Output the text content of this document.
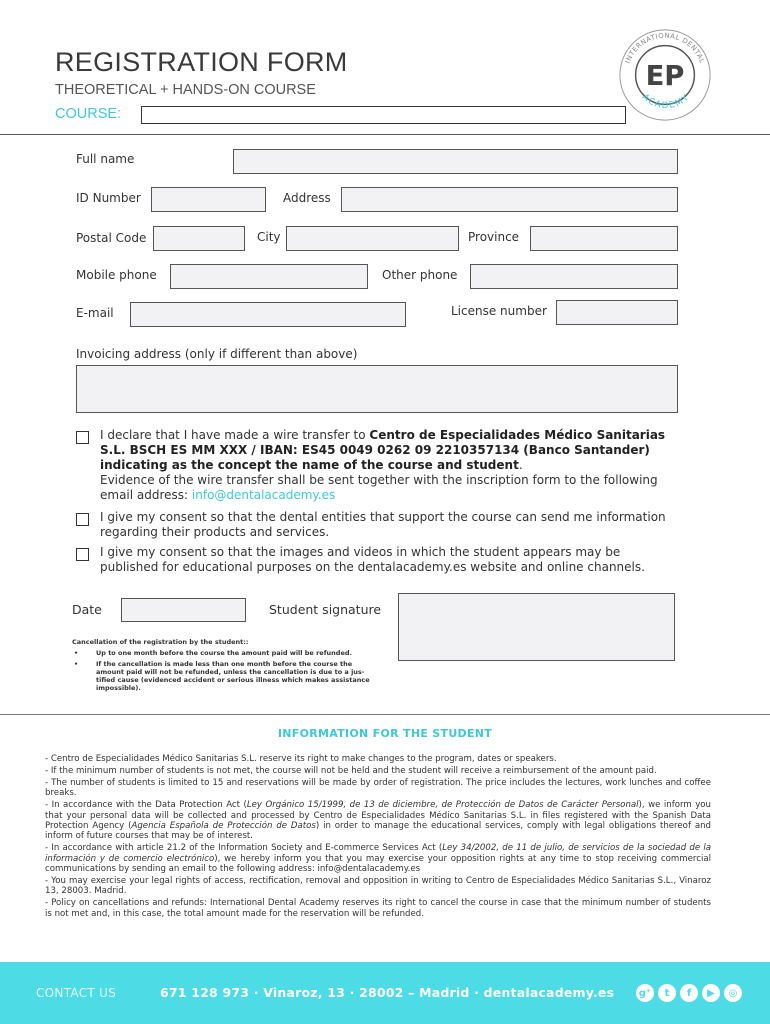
REGISTRATION FORM
THEORETICAL + HANDS-ON COURSE
COURSE:
INTERNATIONAL DENTAL
ACADEMY
EP
Full name
ID Number	Address
Postal Code	City	Province
Mobile phone	Other phone
E-mail	License number
Invoicing address (only if different than above)
I declare that I have made a wire transfer to Centro de Especialidades Médico Sanitarias S.L. BSCH ES MM XXX / IBAN: ES45 0049 0262 09 2210357134 (Banco Santander) indicating as the concept the name of the course and student.
Evidence of the wire transfer shall be sent together with the inscription form to the following email address: info@dentalacademy.es
I give my consent so that the dental entities that support the course can send me information regarding their products and services.
I give my consent so that the images and videos in which the student appears may be published for educational purposes on the dentalacademy.es website and online channels.
Date	Student signature
Cancellation of the registration by the student::
• Up to one month before the course the amount paid will be refunded.
• If the cancellation is made less than one month before the course the amount paid will not be refunded, unless the cancellation is due to a jus-tified cause (evidenced accident or serious illness which makes assistance impossible).
INFORMATION FOR THE STUDENT

- Centro de Especialidades Médico Sanitarias S.L. reserve its right to make changes to the program, dates or speakers.

- If the minimum number of students is not met, the course will not be held and the student will receive a reimbursement of the amount paid.

- The number of students is limited to 15 and reservations will be made by order of registration. The price includes the lectures, work lunches and coffee breaks.

- In accordance with the Data Protection Act (Ley Orgánico 15/1999, de 13 de diciembre, de Protección de Datos de Carácter Personal), we inform you that your personal data will be collected and processed by Centro de Especialidades Médico Sanitarias S.L. in files registered with the Spanish Data Protection Agency (Agencia Española de Protección de Datos) in order to manage the educational services, comply with legal obligations thereof and inform of future courses that may be of interest.

- In accordance with article 21.2 of the Information Society and E-commerce Services Act (Ley 34/2002, de 11 de julio, de servicios de la sociedad de la información y de comercio electrónico), we hereby inform you that you may exercise your opposition rights at any time to stop receiving commercial communications by sending an email to the following address: info@dentalacademy.es

- You may exercise your legal rights of access, rectification, removal and opposition in writing to Centro de Especialidades Médico Sanitarias S.L., Vinaroz 13, 28003. Madrid.

- Policy on cancellations and refunds: International Dental Academy reserves its right to cancel the course in case that the minimum number of students is not met and, in this case, the total amount made for the reservation will be refunded.

CONTACT US	671 128 973 · Vinaroz, 13 · 28002 – Madrid · dentalacademy.es g⁺	t	f	▶	◎
